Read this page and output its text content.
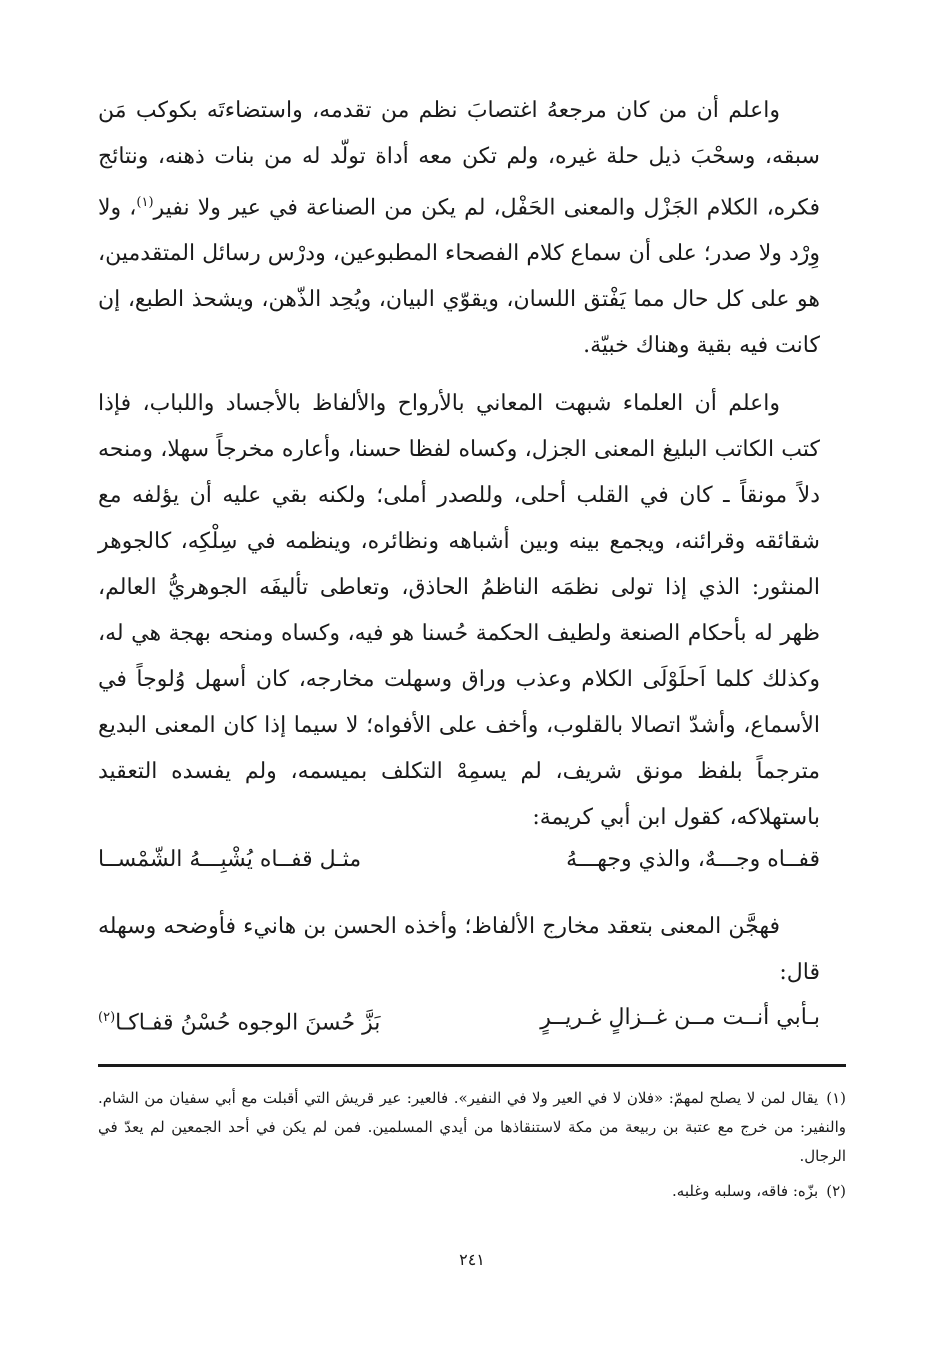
واعلم أن من كان مرجعهُ اغتصابَ نظم من تقدمه، واستضاءتَه بكوكب مَن سبقه، وسحْبَ ذيل حلة غيره، ولم تكن معه أداة تولّد له من بنات ذهنه، ونتائج فكره، الكلام الجَزْل والمعنى الحَفْل، لم يكن من الصناعة في عير ولا نفير$^{(١)}$، ولا وِرْد ولا صدر؛ على أن سماع كلام الفصحاء المطبوعين، ودرْس رسائل المتقدمين، هو على كل حال مما يَفْتق اللسان، ويقوّي البيان، ويُحِد الذّهن، ويشحذ الطبع، إن كانت فيه بقية وهناك خبيّة.

واعلم أن العلماء شبهت المعاني بالأرواح والألفاظ بالأجساد واللباب، فإذا كتب الكاتب البليغ المعنى الجزل، وكساه لفظا حسنا، وأعاره مخرجاً سهلا، ومنحه دلاً مونقاً ـ كان في القلب أحلى، وللصدر أملى؛ ولكنه بقي عليه أن يؤلفه مع شقائقه وقرائنه، ويجمع بينه وبين أشباهه ونظائره، وينظمه في سِلْكِه، كالجوهر المنثور: الذي إذا تولى نظمَه الناظمُ الحاذق، وتعاطى تأليفَه الجوهريُّ العالم، ظهر له بأحكام الصنعة ولطيف الحكمة حُسنا هو فيه، وكساه ومنحه بهجة هي له، وكذلك كلما اَحلَوْلَى الكلام وعذب وراق وسهلت مخارجه، كان أسهل وُلوجاً في الأسماع، وأشدّ اتصالا بالقلوب، وأخف على الأفواه؛ لا سيما إذا كان المعنى البديع مترجماً بلفظ مونق شريف، لم يسمِهْ التكلف بميسمه، ولم يفسده التعقيد باستهلاكه، كقول ابن أبي كريمة:

قفــاه وجـــهٌ، والذي وجهـــهُ
مثـل قفــاه يُشْبِـــهُ الشّمْســا

فهجَّن المعنى بتعقد مخارج الألفاظ؛ وأخذه الحسن بن هانيء فأوضحه وسهله قال:

بـأبي أنــت مــن غــزالٍ غـريــرٍ
بَزَّ حُسنَ الوجوه حُسْنُ قفـاكـا$^{(٢)}$

(١)يقال لمن لا يصلح لمهمّ: «فلان لا في العير ولا في النفير». فالعير: عير قريش التي أقبلت مع أبي سفيان من الشام. والنفير: من خرج مع عتبة بن ربيعة من مكة لاستنقاذها من أيدي المسلمين. فمن لم يكن في أحد الجمعين لم يعدّ في الرجال.

(٢)بزّه: فاقه، وسلبه وغلبه.

٢٤١
